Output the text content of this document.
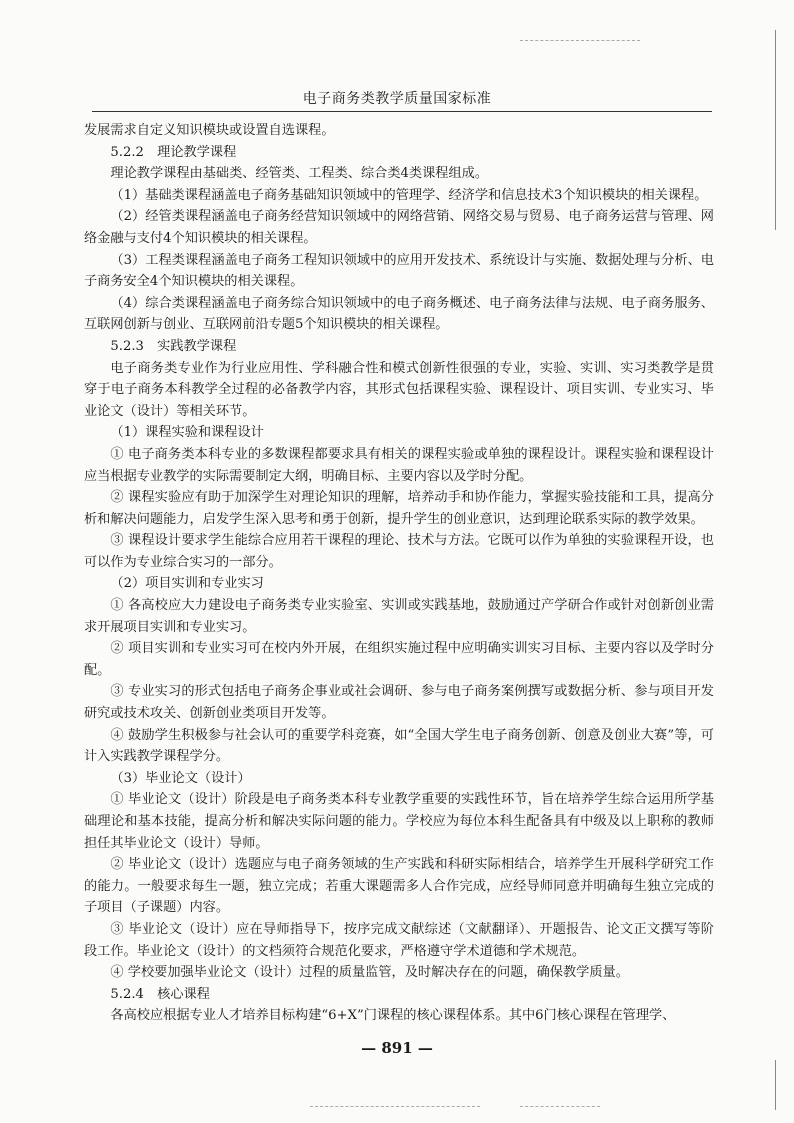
电子商务类教学质量国家标准

发展需求自定义知识模块或设置自选课程。

5.2.2　理论教学课程

理论教学课程由基础类、经管类、工程类、综合类4类课程组成。

（1）基础类课程涵盖电子商务基础知识领域中的管理学、经济学和信息技术3个知识模块的相关课程。

（2）经管类课程涵盖电子商务经营知识领域中的网络营销、网络交易与贸易、电子商务运营与管理、网络金融与支付4个知识模块的相关课程。

（3）工程类课程涵盖电子商务工程知识领域中的应用开发技术、系统设计与实施、数据处理与分析、电子商务安全4个知识模块的相关课程。

（4）综合类课程涵盖电子商务综合知识领域中的电子商务概述、电子商务法律与法规、电子商务服务、互联网创新与创业、互联网前沿专题5个知识模块的相关课程。

5.2.3　实践教学课程

电子商务类专业作为行业应用性、学科融合性和模式创新性很强的专业，实验、实训、实习类教学是贯穿于电子商务本科教学全过程的必备教学内容，其形式包括课程实验、课程设计、项目实训、专业实习、毕业论文（设计）等相关环节。

（1）课程实验和课程设计

① 电子商务类本科专业的多数课程都要求具有相关的课程实验或单独的课程设计。课程实验和课程设计应当根据专业教学的实际需要制定大纲，明确目标、主要内容以及学时分配。

② 课程实验应有助于加深学生对理论知识的理解，培养动手和协作能力，掌握实验技能和工具，提高分析和解决问题能力，启发学生深入思考和勇于创新，提升学生的创业意识，达到理论联系实际的教学效果。

③ 课程设计要求学生能综合应用若干课程的理论、技术与方法。它既可以作为单独的实验课程开设，也可以作为专业综合实习的一部分。

（2）项目实训和专业实习

① 各高校应大力建设电子商务类专业实验室、实训或实践基地，鼓励通过产学研合作或针对创新创业需求开展项目实训和专业实习。

② 项目实训和专业实习可在校内外开展，在组织实施过程中应明确实训实习目标、主要内容以及学时分配。

③ 专业实习的形式包括电子商务企事业或社会调研、参与电子商务案例撰写或数据分析、参与项目开发研究或技术攻关、创新创业类项目开发等。

④ 鼓励学生积极参与社会认可的重要学科竞赛，如“全国大学生电子商务创新、创意及创业大赛”等，可计入实践教学课程学分。

（3）毕业论文（设计）

① 毕业论文（设计）阶段是电子商务类本科专业教学重要的实践性环节，旨在培养学生综合运用所学基础理论和基本技能，提高分析和解决实际问题的能力。学校应为每位本科生配备具有中级及以上职称的教师担任其毕业论文（设计）导师。

② 毕业论文（设计）选题应与电子商务领域的生产实践和科研实际相结合，培养学生开展科学研究工作的能力。一般要求每生一题，独立完成；若重大课题需多人合作完成，应经导师同意并明确每生独立完成的子项目（子课题）内容。

③ 毕业论文（设计）应在导师指导下，按序完成文献综述（文献翻译）、开题报告、论文正文撰写等阶段工作。毕业论文（设计）的文档须符合规范化要求，严格遵守学术道德和学术规范。

④ 学校要加强毕业论文（设计）过程的质量监管，及时解决存在的问题，确保教学质量。

5.2.4　核心课程

各高校应根据专业人才培养目标构建“6+X”门课程的核心课程体系。其中6门核心课程在管理学、

— 891 —
